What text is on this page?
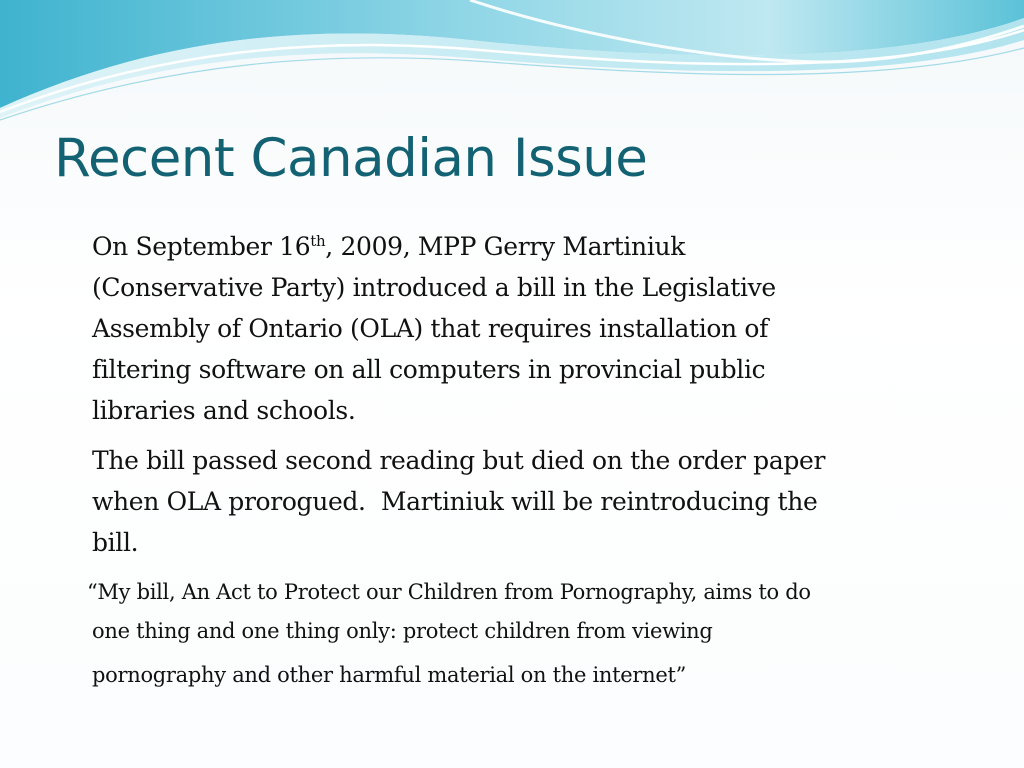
Recent Canadian Issue

On September 16th, 2009, MPP Gerry Martiniuk
(Conservative Party) introduced a bill in the Legislative
Assembly of Ontario (OLA) that requires installation of
filtering software on all computers in provincial public
libraries and schools.

The bill passed second reading but died on the order paper
when OLA prorogued.  Martiniuk will be reintroducing the
bill.

“My bill, An Act to Protect our Children from Pornography, aims to do
one thing and one thing only: protect children from viewing
pornography and other harmful material on the internet”
